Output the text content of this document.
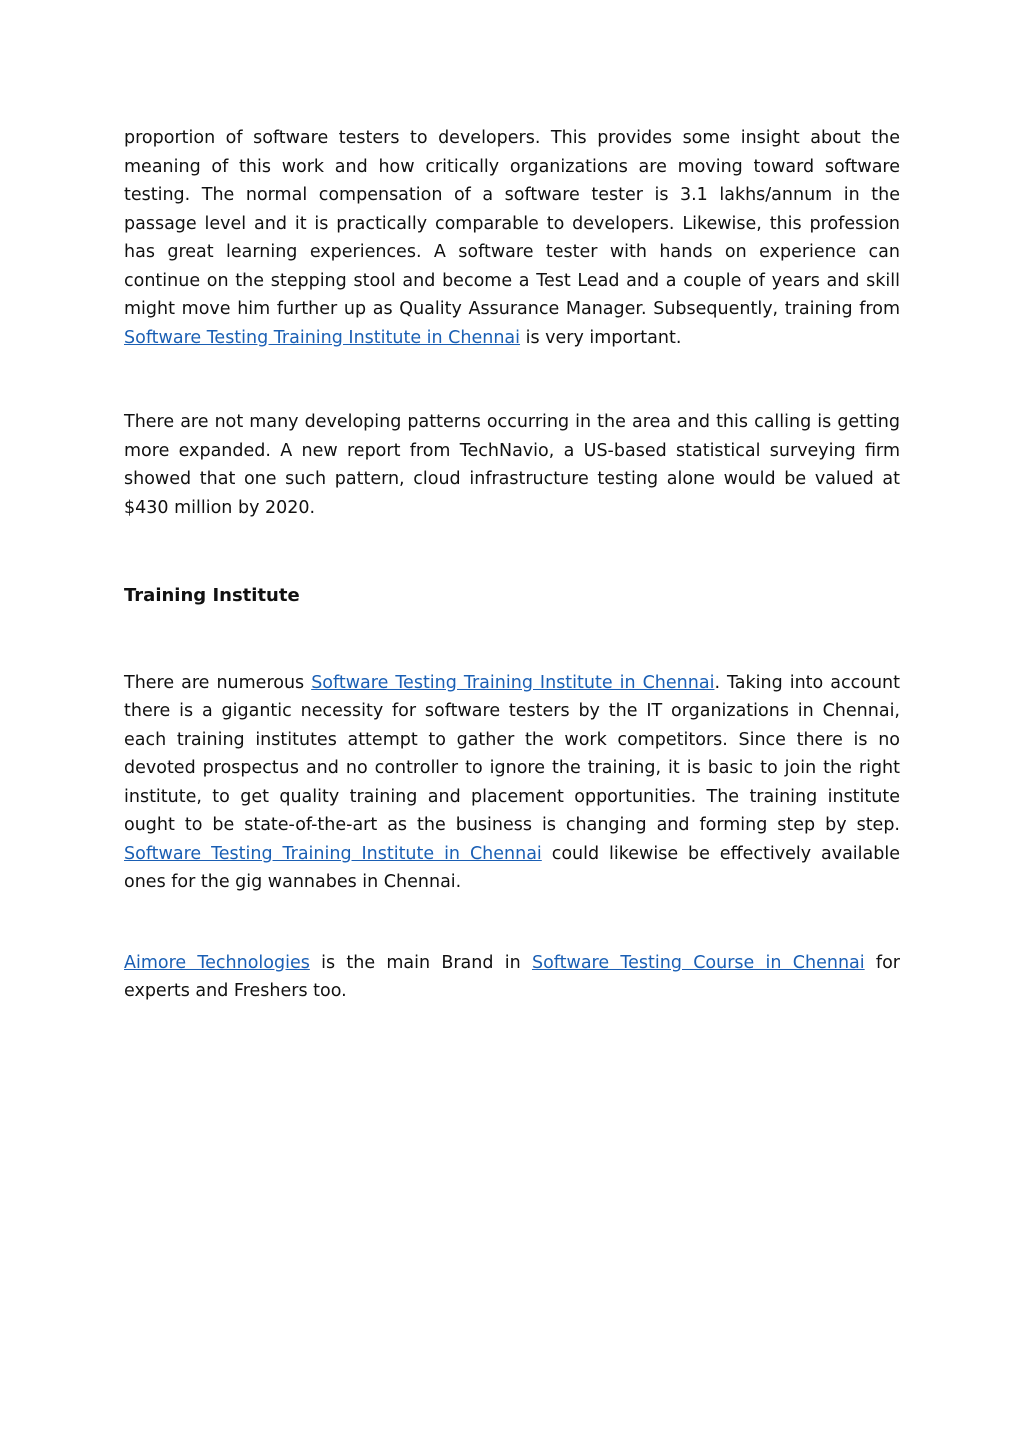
proportion of software testers to developers. This provides some insight about the meaning of this work and how critically organizations are moving toward software testing. The normal compensation of a software tester is 3.1 lakhs/annum in the passage level and it is practically comparable to developers. Likewise, this profession has great learning experiences. A software tester with hands on experience can continue on the stepping stool and become a Test Lead and a couple of years and skill might move him further up as Quality Assurance Manager. Subsequently, training from Software Testing Training Institute in Chennai is very important.

There are not many developing patterns occurring in the area and this calling is getting more expanded. A new report from TechNavio, a US-based statistical surveying firm showed that one such pattern, cloud infrastructure testing alone would be valued at $430 million by 2020.

Training Institute

There are numerous Software Testing Training Institute in Chennai. Taking into account there is a gigantic necessity for software testers by the IT organizations in Chennai, each training institutes attempt to gather the work competitors. Since there is no devoted prospectus and no controller to ignore the training, it is basic to join the right institute, to get quality training and placement opportunities. The training institute ought to be state-of-the-art as the business is changing and forming step by step. Software Testing Training Institute in Chennai could likewise be effectively available ones for the gig wannabes in Chennai.

Aimore Technologies is the main Brand in Software Testing Course in Chennai for experts and Freshers too.
